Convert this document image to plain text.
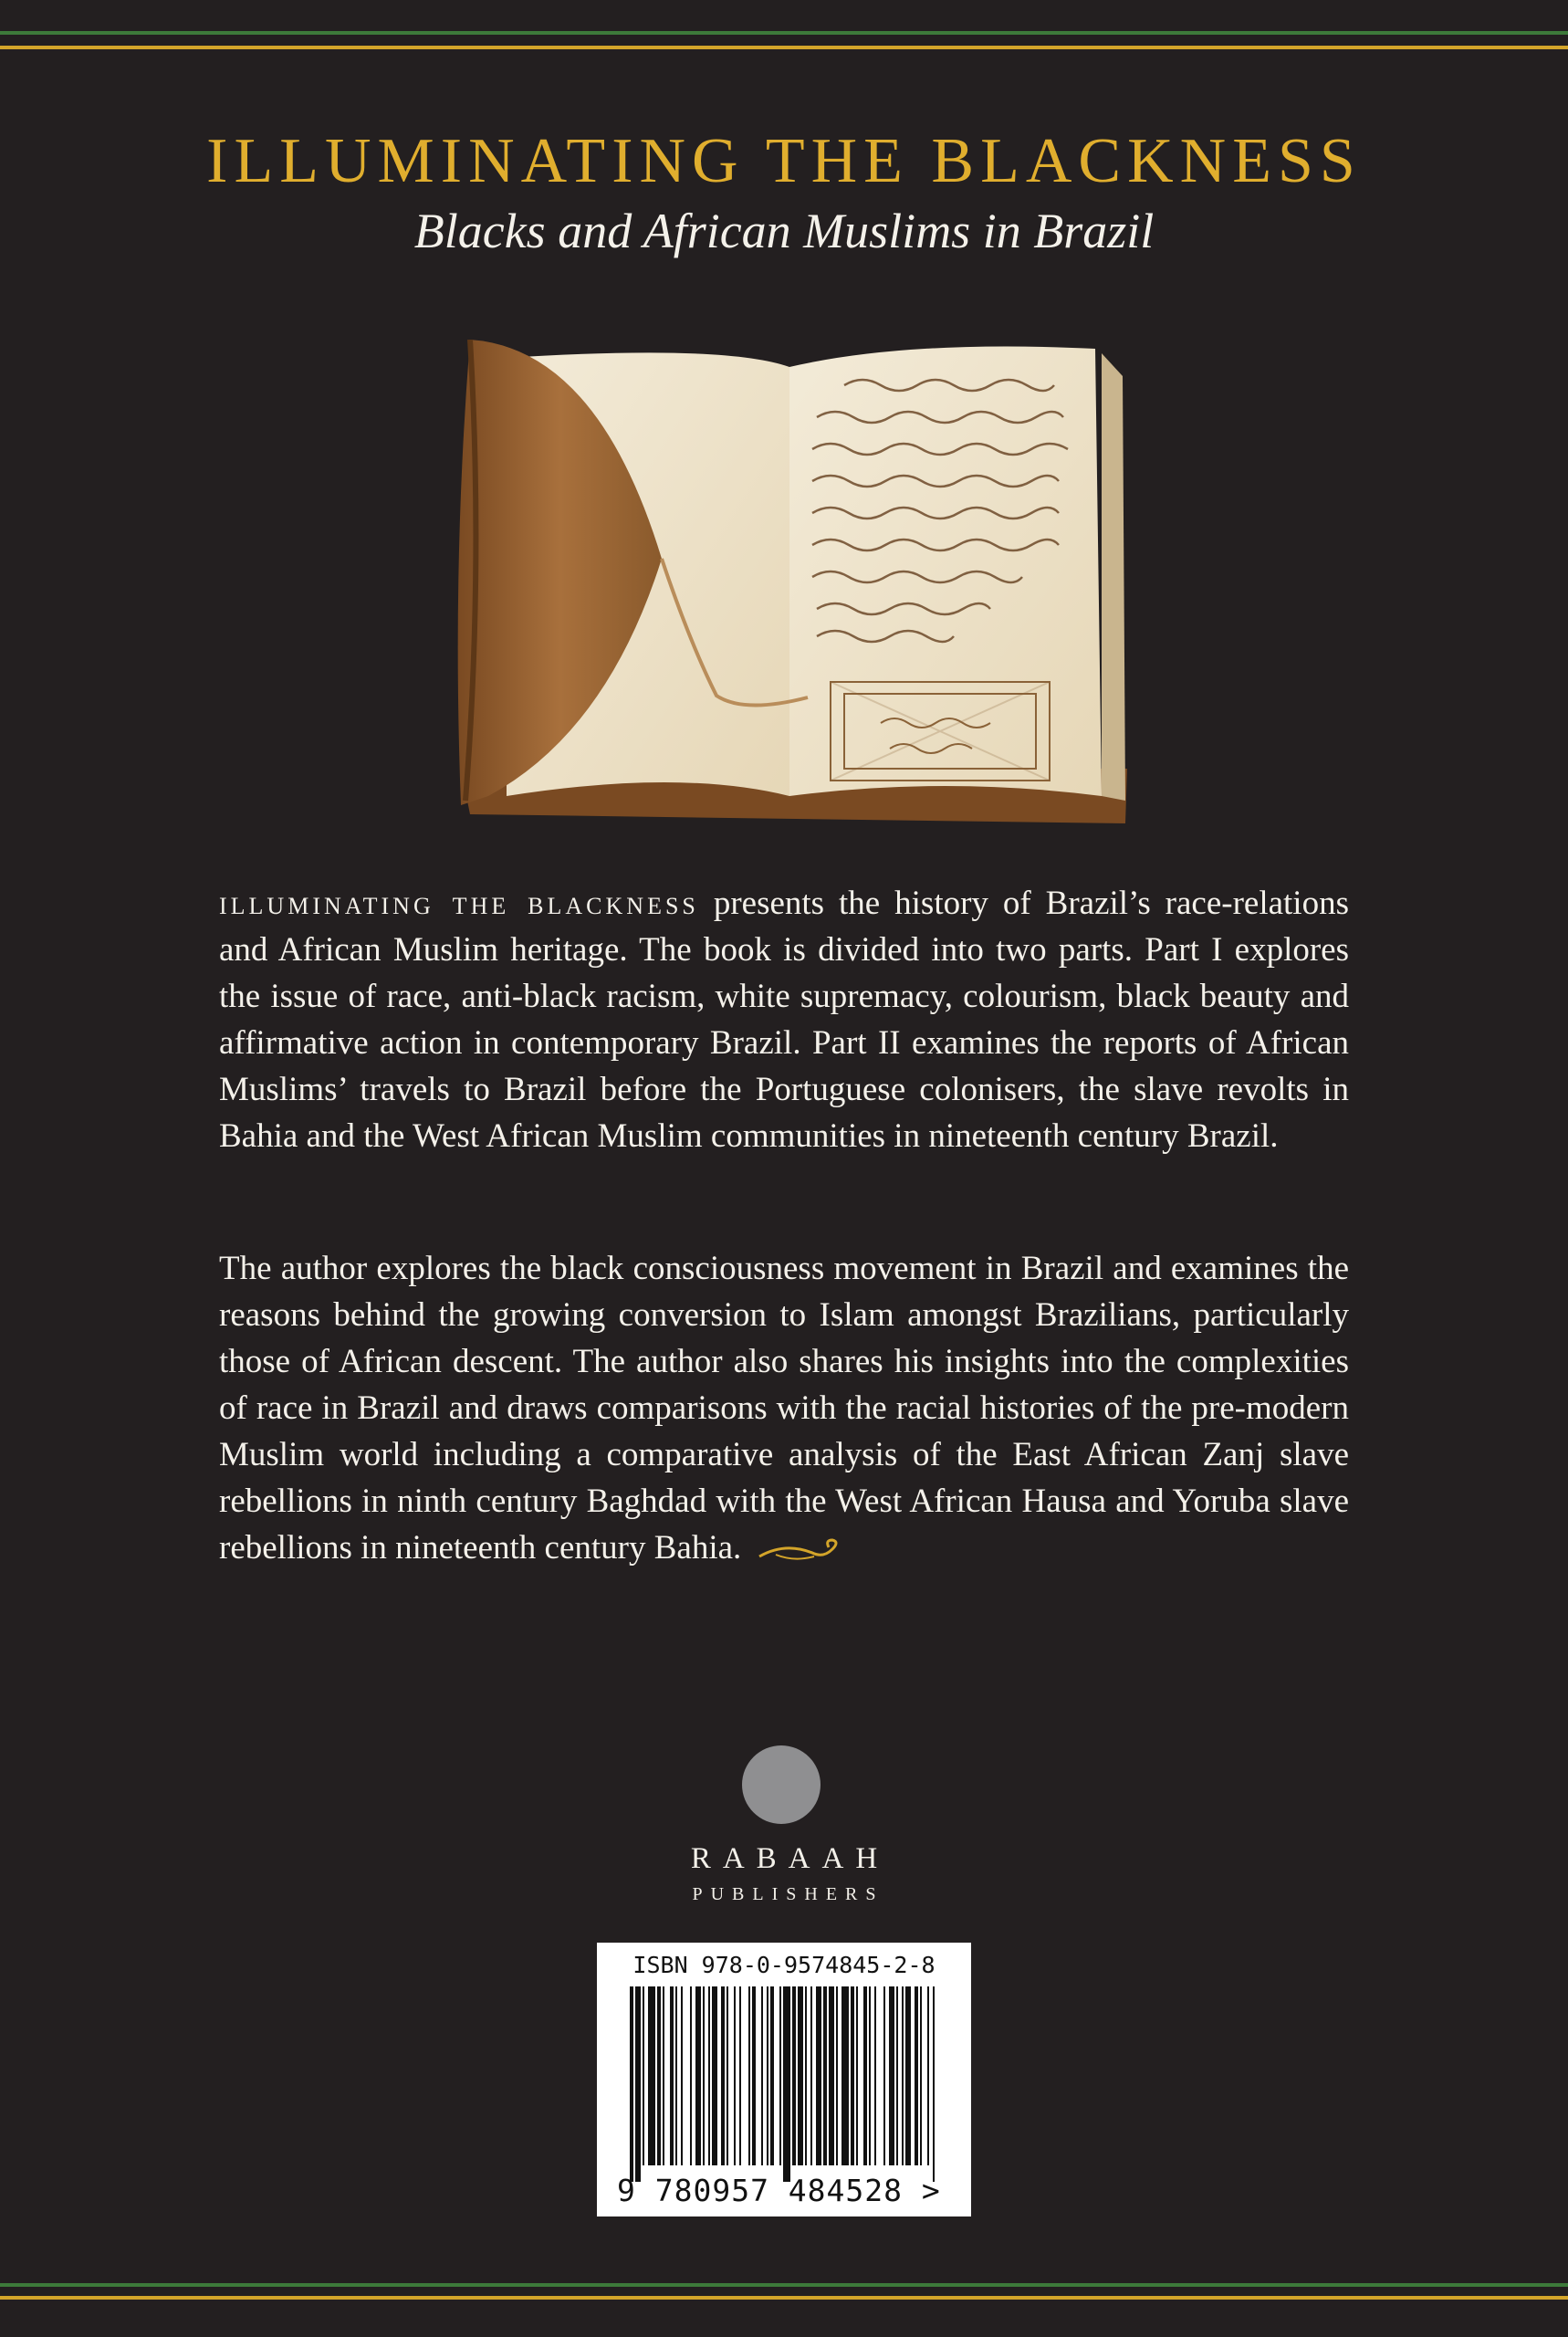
ILLUMINATING THE BLACKNESS
Blacks and African Muslims in Brazil

illuminating the blackness presents the history of Brazil’s race-relations and African Muslim heritage. The book is divided into two parts. Part I explores the issue of race, anti-black racism, white supremacy, colourism, black beauty and affirmative action in contemporary Brazil. Part II examines the reports of African Muslims’ travels to Brazil before the Portuguese colonisers, the slave revolts in Bahia and the West African Muslim communities in nineteenth century Brazil.

The author explores the black consciousness movement in Brazil and examines the reasons behind the growing conversion to Islam amongst Brazilians, particularly those of African descent. The author also shares his insights into the complexities of race in Brazil and draws comparisons with the racial histories of the pre-modern Muslim world including a comparative analysis of the East African Zanj slave rebellions in ninth century Baghdad with the West African Hausa and Yoruba slave rebellions in nineteenth century Bahia.

RABAAH
PUBLISHERS
ISBN 978-0-9574845-2-8
9 780957 484528 >
